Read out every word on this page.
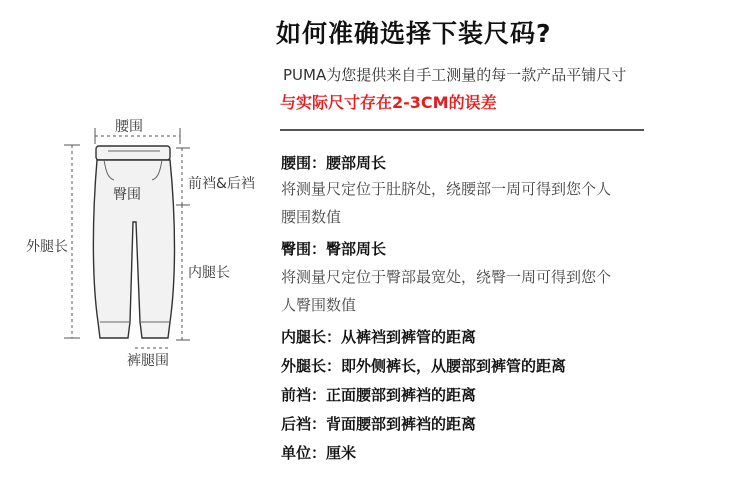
如何准确选择下装尺码?
PUMA为您提供来自手工测量的每一款产品平铺尺寸
与实际尺寸存在2-3CM的误差
腰围
臀围
前裆&后裆
外腿长
内腿长
裤腿围
腰围：腰部周长
将测量尺定位于肚脐处，绕腰部一周可得到您个人
腰围数值
臀围：臀部周长
将测量尺定位于臀部最宽处，绕臀一周可得到您个
人臀围数值
内腿长：从裤裆到裤管的距离
外腿长：即外侧裤长，从腰部到裤管的距离
前裆：正面腰部到裤裆的距离
后裆：背面腰部到裤裆的距离
单位：厘米
